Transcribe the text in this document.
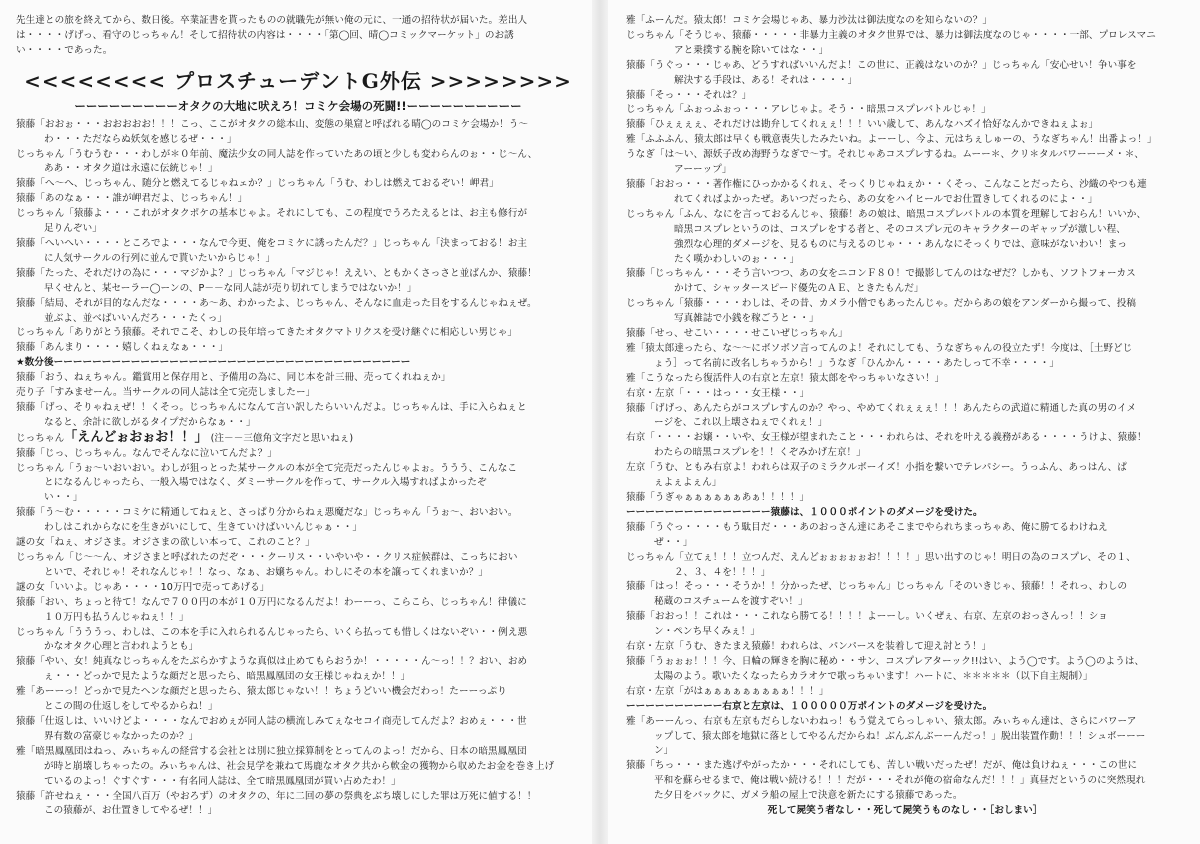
先生達との旅を終えてから、数日後。卒業証書を貰ったものの就職先が無い俺の元に、一通の招待状が届いた。差出人
は・・・・げげっ、看守のじっちゃん！そして招待状の内容は・・・・「第◯回、晴◯コミックマーケット」のお誘
い・・・・であった。
<<<<<<<< プロスチューデントG外伝 >>>>>>>>
ーーーーーーーーーオタクの大地に吠えろ！コミケ会場の死闘!!ーーーーーーーーーー
猿藤「おおぉ・・・おおおおお！！！こっ、ここがオタクの総本山、変態の巣窟と呼ばれる晴◯のコミケ会場か！う～
わ・・・ただならぬ妖気を感じるぜ・・・」
じっちゃん「うむうむ・・・わしが＊０年前、魔法少女の同人誌を作っていたあの頃と少しも変わらんのぉ・・じ～ん、
ああ・・オタク道は永遠に伝統じゃ！」
猿藤「へ～へ、じっちゃん、随分と燃えてるじゃねェか？」じっちゃん「うむ、わしは燃えておるぞい！岬君」
猿藤「あのなぁ・・・誰が岬君だよ、じっちゃん！」
じっちゃん「猿藤よ・・・これがオタクポケの基本じゃよ。それにしても、この程度でうろたえるとは、お主も修行が
足りんぞい」
猿藤「へいへい・・・・ところでよ・・・なんで今更、俺をコミケに誘ったんだ？」じっちゃん「決まっておる！お主
に人気サークルの行列に並んで貰いたいからじゃ！」
猿藤「たった、それだけの為に・・・マジかよ？」じっちゃん「マジじゃ！ええい、ともかくさっさと並ばんか、猿藤！
早くせんと、某セーラー◯ーンの、P－－な同人誌が売り切れてしまうではないか！」
猿藤「結局、それが目的なんだな・・・・あ～あ、わかったよ、じっちゃん、そんなに血走った目をするんじゃねぇぜ。
並ぶよ、並べばいいんだろ・・・たくっ」
じっちゃん「ありがとう猿藤。それでこそ、わしの長年培ってきたオタクマトリクスを受け継ぐに相応しい男じゃ」
猿藤「あんまり・・・・嬉しくねぇなぁ・・・」
★数分後ーーーーーーーーーーーーーーーーーーーーーーーーーーーーーーーーーーーーー
猿藤「おう、ねぇちゃん。鑑賞用と保存用と、予備用の為に、同じ本を計三冊、売ってくれねぇか」
売り子「すみませーん。当サークルの同人誌は全て完売しましたー」
猿藤「げっ、そりゃねぇぜ！！くそっ。じっちゃんになんて言い訳したらいいんだよ。じっちゃんは、手に入らねぇと
なると、余計に欲しがるタイプだからなぁ・・」
じっちゃん「えんどぉおぉお！！」 (注－－三億角文字だと思いねぇ)
猿藤「じっ、じっちゃん。なんでそんなに泣いてんだよ？」
じっちゃん「うぉ～いおいおい。わしが狙っとった某サークルの本が全て完売だったんじゃよぉ。ううう、こんなこ
とになるんじゃったら、一般入場ではなく、ダミーサークルを作って、サークル入場すればよかったぞ
い・・」
猿藤「う～む・・・・・コミケに精通してねぇと、さっぱり分からねぇ悪魔だな」じっちゃん「うぉ～、おいおい。
わしはこれからなにを生きがいにして、生きていけばいいんじゃぁ・・」
謎の女「ねぇ、オジさま。オジさまの欲しい本って、これのこと？」
じっちゃん「じ～～ん、オジさまと呼ばれたのだぞ・・・クーリス・・いやいや・・クリス症候群は、こっちにおい
といで、それじゃ！それなんじゃ！！なっ、なぁ、お嬢ちゃん。わしにその本を譲ってくれまいか？」
謎の女「いいよ。じゃあ・・・・10万円で売ってあげる」
猿藤「おい、ちょっと待て！なんで７００円の本が１０万円になるんだよ！わーーっ、こらこら、じっちゃん！律儀に
１０万円も払うんじゃねぇ！！」
じっちゃん「うううっ、わしは、この本を手に入れられるんじゃったら、いくら払っても惜しくはないぞい・・例え悪
かなオタク心理と言われようとも」
猿藤「やい、女！純真なじっちゃんをたぶらかすような真似は止めてもらおうか！・・・・・ん～っ！！？おい、おめ
ぇ・・・どっかで見たような顔だと思ったら、暗黒鳳凰団の女王様じゃねぇか！！」
雅「あーーっ！どっかで見たヘンな顔だと思ったら、猿太郎じゃない！！ちょうどいい機会だわっ！たーーっぷり
とこの間の仕返しをしてやるからね！」
猿藤「仕返しは、いいけどよ・・・・なんでおめぇが同人誌の横流しみてぇなセコイ商売してんだよ？おめぇ・・・世
界有数の富豪じゃなかったのか？」
雅「暗黒鳳凰団はねっ、みぃちゃんの経営する会社とは別に独立採算制をとってんのよっ！だから、日本の暗黒鳳凰団
が時と崩壊しちゃったの。みぃちゃんは、社会見学を兼ねて馬鹿なオタク共から軟金の獲物から収めたお金を巻き上げ
ているのよっ！ぐすぐす・・・有名同人誌は、全て暗黒鳳凰団が買い占めたわ！」
猿藤「許せねぇ・・・全国八百万（やおろず）のオタクの、年に二回の夢の祭典をぶち壊しにした罪は万死に値する！！
この猿藤が、お仕置きしてやるぜ！！」
雅「ふーんだ。猿太郎！コミケ会場じゃあ、暴力沙汰は御法度なのを知らないの？」
じっちゃん「そうじゃ、猿藤・・・・・非暴力主義のオタク世界では、暴力は御法度なのじゃ・・・・一部、プロレスマニ
アと乗撲する腕を除いてはな・・」
猿藤「うぐっ・・・じゃあ、どうすればいいんだよ！この世に、正義はないのか？」じっちゃん「安心せい！争い事を
解決する手段は、ある！それは・・・・」
猿藤「そっ・・・それは？」
じっちゃん「ふぉっふぉっ・・・アレじゃよ。そう・・暗黒コスプレバトルじゃ！」
猿藤「ひぇぇぇぇ、それだけは勘弁してくれぇぇ！！！いい歳して、あんなハズイ恰好なんかできねぇよぉ」
雅「ふふふん、猿太郎は早くも戦意喪失したみたいね。よーーし、今よ、元はちぇしゅーの、うなぎちゃん！出番よっ！」
うなぎ「は～い、源妖子改め海野うなぎで～す。それじゃあコスプレするね。ムーー＊、クリ＊タルパワーーーメ・＊、
アーーップ」
猿藤「おおっ・・・著作権にひっかかるくれぇ、そっくりじゃねぇか・・くそっ、こんなことだったら、沙織のやつも連
れてくればよかったぜ。あいつだったら、あの女をハイヒールでお仕置きしてくれるのによ・・」
じっちゃん「ふん、なにを言っておるんじゃ、猿藤！あの娘は、暗黒コスプレバトルの本質を理解しておらん！いいか、
暗黒コスプレというのは、コスプレをする者と、そのコスプレ元のキャラクターのギャップが激しい程、
強烈な心理的ダメージを、見るものに与えるのじゃ・・・あんなにそっくりでは、意味がないわい！まっ
たく嘆かわしいのぉ・・・」
猿藤「じっちゃん・・・そう言いつつ、あの女をニコンＦ８０！で撮影してんのはなぜだ？しかも、ソフトフォーカス
かけて、シャッタースピード優先のＡＥ、ときたもんだ」
じっちゃん「猿藤・・・・わしは、その昔、カメラ小僧でもあったんじゃ。だからあの娘をアンダーから撮って、投稿
写真雑誌で小銭を稼ごうと・・」
猿藤「せっ、せこい・・・・せこいぜじっちゃん」
雅「猿太郎達ったら、な～～にボソボソ言ってんのよ！それにしても、うなぎちゃんの役立たず！今度は、［土野どじ
ょう］って名前に改名しちゃうから！」うなぎ「ひんかん・・・・あたしって不幸・・・・」
雅「こうなったら復活件人の右京と左京！猿太郎をやっちゃいなさい！」
右京・左京「・・・はっ・・女王様・・」
猿藤「げげっ、あんたらがコスプレすんのか？やっ、やめてくれぇぇぇ！！！あんたらの武道に精通した真の男のイメ
ージを、これ以上壊さねぇでくれぇ！」
右京「・・・・お嬢・・いや、女王様が望まれたこと・・・われらは、それを叶える義務がある・・・・うけよ、猿藤！
わたらの暗黒コスプレを！！くぞみかげ左京！」
左京「うむ、ともみ右京よ！われらは双子のミラクルボーイズ！小指を繋いでテレパシー。うっふん、あっはん、ぱ
ぇよぇよぇん」
猿藤「うぎゃぁぁぁぁぁぁあぁ！！！！」
ーーーーーーーーーーーーーーー猿藤は、１０００ポイントのダメージを受けた。
猿藤「うぐっ・・・・もう駄目だ・・・あのおっさん達にあそこまでやられちまっちゃあ、俺に勝てるわけねえ
ぜ・・」
じっちゃん「立てぇ！！！立つんだ、えんどぉぉぉぉぉお！！！！」思い出すのじゃ！明日の為のコスプレ、その１、
２、３、４を！！！」
猿藤「はっ！そっ・・・そうか！！分かったぜ、じっちゃん」じっちゃん「そのいきじゃ、猿藤！！それっ、わしの
秘蔵のコスチュームを渡すぞい！」
猿藤「おおっ！！これは・・・これなら勝てる！！！！よーーし。いくぜぇ、右京、左京のおっさんっ！！ショ
ン・ペンち早くみぇ！」
右京・左京「うむ、きたまえ猿藤！われらは、パンパースを装着して迎え討とう！」
猿藤「うぉぉぉ！！！今、日輪の輝きを胸に秘め・・サン、コスプレアターック!!はい、よう◯です。よう◯のようは、
太陽のよう。歌いたくなったらカラオケで歌っちゃいます！ハートに、＊＊＊＊＊（以下自主規制）」
右京・左京「がはぁぁぁぁぁぁぁぁぁ！！！」
ーーーーーーーーーー右京と左京は、１０００００万ポイントのダメージを受けた。
雅「あーーんっ、右京も左京もだらしないわねっ！もう覚えてらっしゃい、猿太郎。みぃちゃん達は、さらにパワーア
ップして、猿太郎を地獄に落としてやるんだからね！ぶんぶんぶーーんだっ！」脱出装置作動！！！シュボーーー
ン」
猿藤「ちっ・・・また逃げやがったか・・・それにしても、苦しい戦いだったぜ！だが、俺は負けねぇ・・・この世に
平和を蘇らせるまで、俺は戦い続ける！！！だが・・・それが俺の宿命なんだ！！！」真昼だというのに突然現れ
た夕日をバックに、ガメラ船の屋上で決意を新たにする猿藤であった。
死して屍笑う者なし・・死して屍笑うものなし・・［おしまい］
